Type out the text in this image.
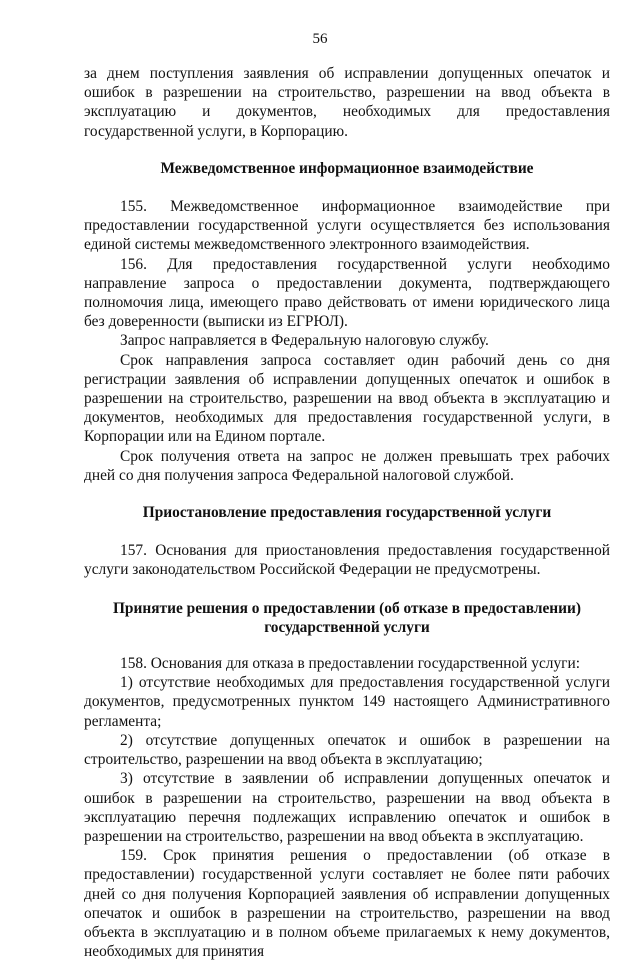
56

за днем поступления заявления об исправлении допущенных опечаток и ошибок в разрешении на строительство, разрешении на ввод объекта в эксплуатацию и документов, необходимых для предоставления государственной услуги, в Корпорацию.

Межведомственное информационное взаимодействие

155. Межведомственное информационное взаимодействие при предоставлении государственной услуги осуществляется без использования единой системы межведомственного электронного взаимодействия.

156. Для предоставления государственной услуги необходимо направление запроса о предоставлении документа, подтверждающего полномочия лица, имеющего право действовать от имени юридического лица без доверенности (выписки из ЕГРЮЛ).

Запрос направляется в Федеральную налоговую службу.

Срок направления запроса составляет один рабочий день со дня регистрации заявления об исправлении допущенных опечаток и ошибок в разрешении на строительство, разрешении на ввод объекта в эксплуатацию и документов, необходимых для предоставления государственной услуги, в Корпорации или на Едином портале.

Срок получения ответа на запрос не должен превышать трех рабочих дней со дня получения запроса Федеральной налоговой службой.

Приостановление предоставления государственной услуги

157. Основания для приостановления предоставления государственной услуги законодательством Российской Федерации не предусмотрены.

Принятие решения о предоставлении (об отказе в предоставлении)
государственной услуги

158. Основания для отказа в предоставлении государственной услуги:

1) отсутствие необходимых для предоставления государственной услуги документов, предусмотренных пунктом 149 настоящего Административного регламента;

2) отсутствие допущенных опечаток и ошибок в разрешении на строительство, разрешении на ввод объекта в эксплуатацию;

3) отсутствие в заявлении об исправлении допущенных опечаток и ошибок в разрешении на строительство, разрешении на ввод объекта в эксплуатацию перечня подлежащих исправлению опечаток и ошибок в разрешении на строительство, разрешении на ввод объекта в эксплуатацию.

159. Срок принятия решения о предоставлении (об отказе в предоставлении) государственной услуги составляет не более пяти рабочих дней со дня получения Корпорацией заявления об исправлении допущенных опечаток и ошибок в разрешении на строительство, разрешении на ввод объекта в эксплуатацию и в полном объеме прилагаемых к нему документов, необходимых для принятия
